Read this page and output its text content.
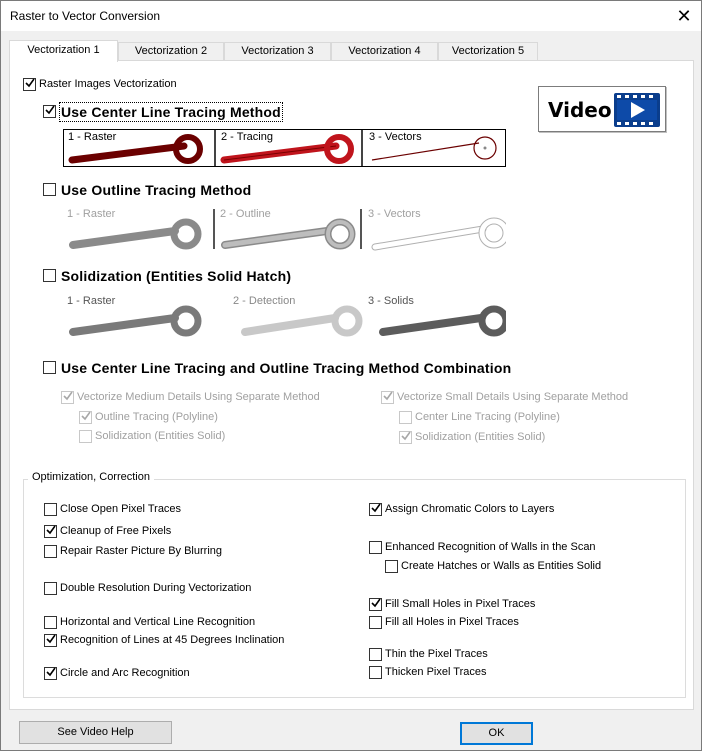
Raster to Vector Conversion	✕
Vectorization 1	Vectorization 2	Vectorization 3	Vectorization 4	Vectorization 5
Raster Images Vectorization
Use Center Line Tracing Method
1 - Raster	2 - Tracing	3 - Vectors
Video
Use Outline Tracing Method
1 - Raster	2 - Outline	3 - Vectors
Solidization (Entities Solid Hatch)
1 - Raster	2 - Detection	3 - Solids
Use Center Line Tracing and Outline Tracing Method Combination
Vectorize Medium Details Using Separate Method
Outline Tracing (Polyline)
Solidization (Entities Solid)
Vectorize Small Details Using Separate Method
Center Line Tracing (Polyline)
Solidization (Entities Solid)
Optimization, Correction
Close Open Pixel Traces
Cleanup of Free Pixels
Repair Raster Picture By Blurring
Double Resolution During Vectorization
Horizontal and Vertical Line Recognition
Recognition of Lines at 45 Degrees Inclination
Circle and Arc Recognition
Assign Chromatic Colors to Layers
Enhanced Recognition of Walls in the Scan
Create Hatches or Walls as Entities Solid
Fill Small Holes in Pixel Traces
Fill all Holes in Pixel Traces
Thin the Pixel Traces
Thicken Pixel Traces
See Video Help	OK
